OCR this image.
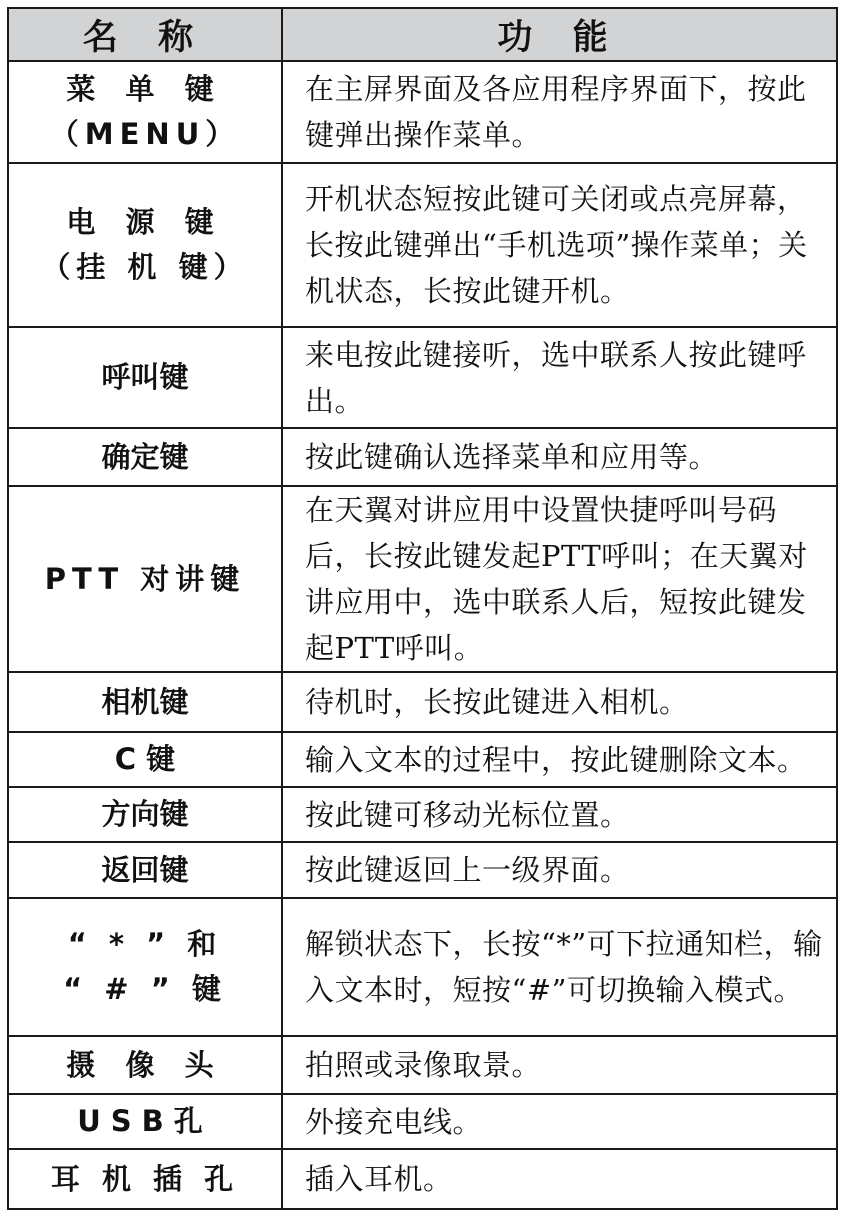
名 称	功 能

菜 单 键
（MENU）	在主屏界面及各应用程序界面下，按此键弹出操作菜单。

电 源 键
（挂 机 键）	开机状态短按此键可关闭或点亮屏幕，长按此键弹出“手机选项”操作菜单；关机状态，长按此键开机。

呼叫键	来电按此键接听，选中联系人按此键呼出。

确定键	按此键确认选择菜单和应用等。

PTT 对讲键	在天翼对讲应用中设置快捷呼叫号码后，长按此键发起PTT呼叫；在天翼对讲应用中，选中联系人后，短按此键发起PTT呼叫。

相机键	待机时，长按此键进入相机。

C 键	输入文本的过程中，按此键删除文本。

方向键	按此键可移动光标位置。

返回键	按此键返回上一级界面。

“ * ” 和
“ # ” 键	解锁状态下，长按“*”可下拉通知栏，输入文本时，短按“#”可切换输入模式。

摄 像 头	拍照或录像取景。

USB孔	外接充电线。

耳 机 插 孔	插入耳机。
